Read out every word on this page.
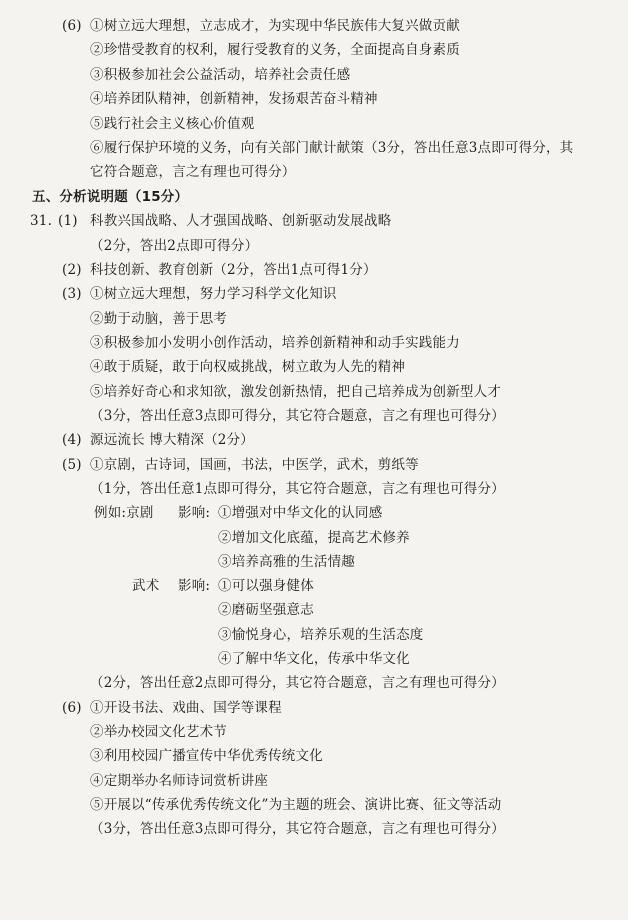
(6) ①树立远大理想，立志成才，为实现中华民族伟大复兴做贡献
②珍惜受教育的权利，履行受教育的义务，全面提高自身素质
③积极参加社会公益活动，培养社会责任感
④培养团队精神，创新精神，发扬艰苦奋斗精神
⑤践行社会主义核心价值观
⑥履行保护环境的义务，向有关部门献计献策（3分，答出任意3点即可得分，其
它符合题意，言之有理也可得分）
五、分析说明题（15分）
31. (1) 科教兴国战略、人才强国战略、创新驱动发展战略
（2分，答出2点即可得分）
(2) 科技创新、教育创新（2分，答出1点可得1分）
(3) ①树立远大理想，努力学习科学文化知识
②勤于动脑，善于思考
③积极参加小发明小创作活动，培养创新精神和动手实践能力
④敢于质疑，敢于向权威挑战，树立敢为人先的精神
⑤培养好奇心和求知欲，激发创新热情，把自己培养成为创新型人才
（3分，答出任意3点即可得分，其它符合题意，言之有理也可得分）
(4) 源远流长 博大精深（2分）
(5) ①京剧，古诗词，国画，书法，中医学，武术，剪纸等
（1分，答出任意1点即可得分，其它符合题意，言之有理也可得分）
例如:京剧 影响: ①增强对中华文化的认同感
②增加文化底蕴，提高艺术修养
③培养高雅的生活情趣
武术 影响: ①可以强身健体
②磨砺坚强意志
③愉悦身心，培养乐观的生活态度
④了解中华文化，传承中华文化
（2分，答出任意2点即可得分，其它符合题意，言之有理也可得分）
(6) ①开设书法、戏曲、国学等课程
②举办校园文化艺术节
③利用校园广播宣传中华优秀传统文化
④定期举办名师诗词赏析讲座
⑤开展以“传承优秀传统文化”为主题的班会、演讲比赛、征文等活动
（3分，答出任意3点即可得分，其它符合题意，言之有理也可得分）
